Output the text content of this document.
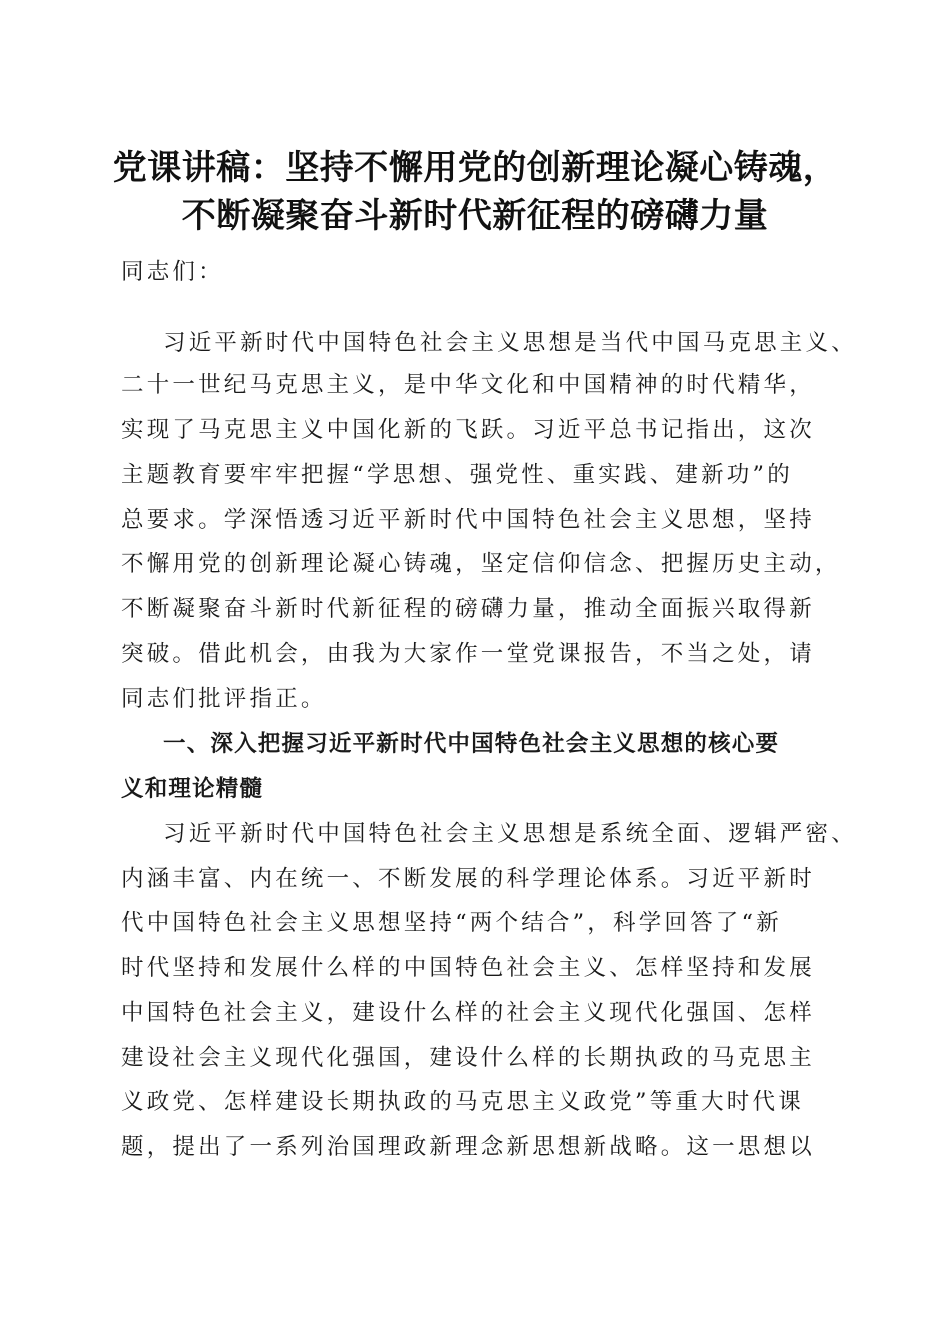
党课讲稿：坚持不懈用党的创新理论凝心铸魂，
不断凝聚奋斗新时代新征程的磅礴力量
同志们：
习近平新时代中国特色社会主义思想是当代中国马克思主义、
二十一世纪马克思主义，是中华文化和中国精神的时代精华，
实现了马克思主义中国化新的飞跃。习近平总书记指出，这次
主题教育要牢牢把握“学思想、强党性、重实践、建新功”的
总要求。学深悟透习近平新时代中国特色社会主义思想，坚持
不懈用党的创新理论凝心铸魂，坚定信仰信念、把握历史主动，
不断凝聚奋斗新时代新征程的磅礴力量，推动全面振兴取得新
突破。借此机会，由我为大家作一堂党课报告，不当之处，请
同志们批评指正。
一、深入把握习近平新时代中国特色社会主义思想的核心要
义和理论精髓
习近平新时代中国特色社会主义思想是系统全面、逻辑严密、
内涵丰富、内在统一、不断发展的科学理论体系。习近平新时
代中国特色社会主义思想坚持“两个结合”，科学回答了“新
时代坚持和发展什么样的中国特色社会主义、怎样坚持和发展
中国特色社会主义，建设什么样的社会主义现代化强国、怎样
建设社会主义现代化强国，建设什么样的长期执政的马克思主
义政党、怎样建设长期执政的马克思主义政党”等重大时代课
题，提出了一系列治国理政新理念新思想新战略。这一思想以
